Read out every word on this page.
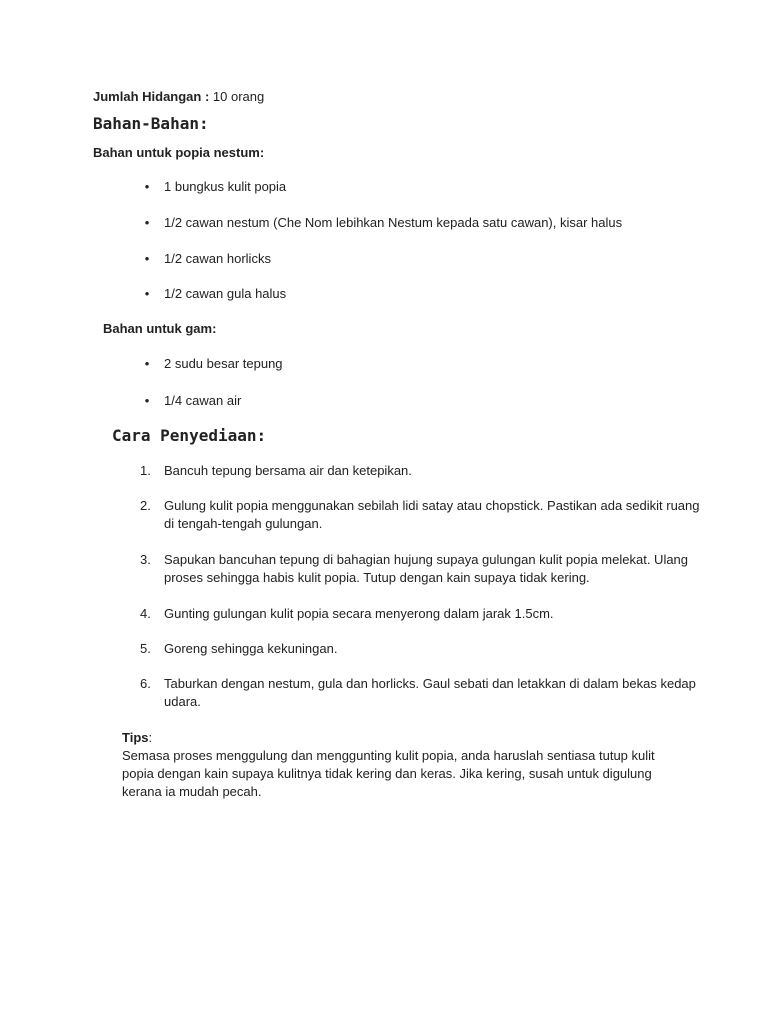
Jumlah Hidangan : 10 orang
Bahan-Bahan:
Bahan untuk popia nestum:
• 1 bungkus kulit popia
• 1/2 cawan nestum (Che Nom lebihkan Nestum kepada satu cawan), kisar halus
• 1/2 cawan horlicks
• 1/2 cawan gula halus
Bahan untuk gam:
• 2 sudu besar tepung
• 1/4 cawan air
Cara Penyediaan:
1.	Bancuh tepung bersama air dan ketepikan.
2.	Gulung kulit popia menggunakan sebilah lidi satay atau chopstick. Pastikan ada sedikit ruang di tengah-tengah gulungan.
3.	Sapukan bancuhan tepung di bahagian hujung supaya gulungan kulit popia melekat. Ulang proses sehingga habis kulit popia. Tutup dengan kain supaya tidak kering.
4.	Gunting gulungan kulit popia secara menyerong dalam jarak 1.5cm.
5.	Goreng sehingga kekuningan.
6.	Taburkan dengan nestum, gula dan horlicks. Gaul sebati dan letakkan di dalam bekas kedap udara.
Tips:
Semasa proses menggulung dan menggunting kulit popia, anda haruslah sentiasa tutup kulit popia dengan kain supaya kulitnya tidak kering dan keras. Jika kering, susah untuk digulung kerana ia mudah pecah.
